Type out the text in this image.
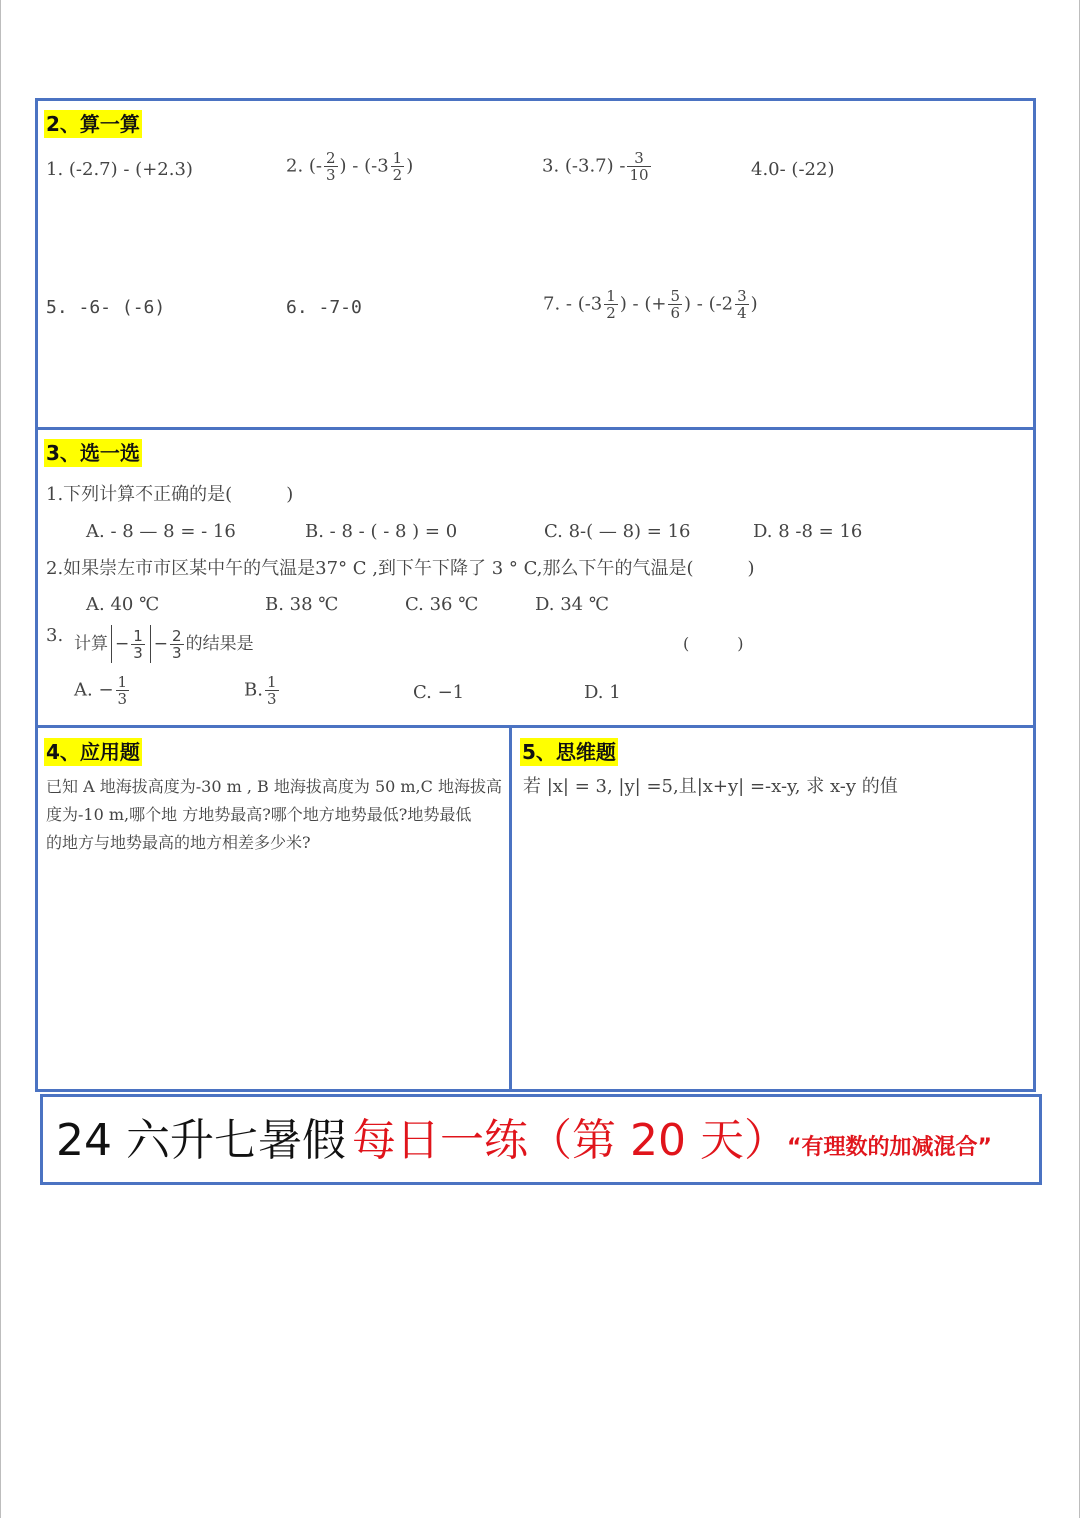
2、算一算
1. (-2.7) - (+2.3)	2. (- $\frac{2}{3}$ ) - ($-3 \frac{1}{2}$ )	3. $(-3.7) - \frac{3}{10}$	4.0- (-22)
5. -6- (-6)	6. -7-0	7. - ($-3 \frac{1}{2}$ ) - (+ $\frac{5}{6}$ ) - ($-2 \frac{3}{4}$ )
3、选一选
1.下列计算不正确的是(　　　)
A. - 8 — 8 = - 16	B. - 8 - ( - 8 ) = 0	C. 8-( — 8) = 16	D. 8 -8 = 16
2.如果崇左市市区某中午的气温是37° C ,到下午下降了 3 ° C,那么下午的气温是(　　　)
A. 40 ℃	B. 38 ℃	C. 36 ℃	D. 34 ℃
3. 计算 − $\frac{1}{3} - \frac{2}{3}$ 的结果是	(　　　)
A. − $\frac{1}{3}$	B. $\frac{1}{3}$	C. −1	D. 1
4、应用题
已知 A 地海拔高度为-30 m , B 地海拔高度为 50 m,C 地海拔高
度为-10 m,哪个地 方地势最高?哪个地方地势最低?地势最低
的地方与地势最高的地方相差多少米?
5、思维题
若 |x| = 3, |y| =5,且|x+y| =-x-y, 求 x-y 的值
24 六升七暑假 每日一练（第 20 天） “有理数的加减混合”
